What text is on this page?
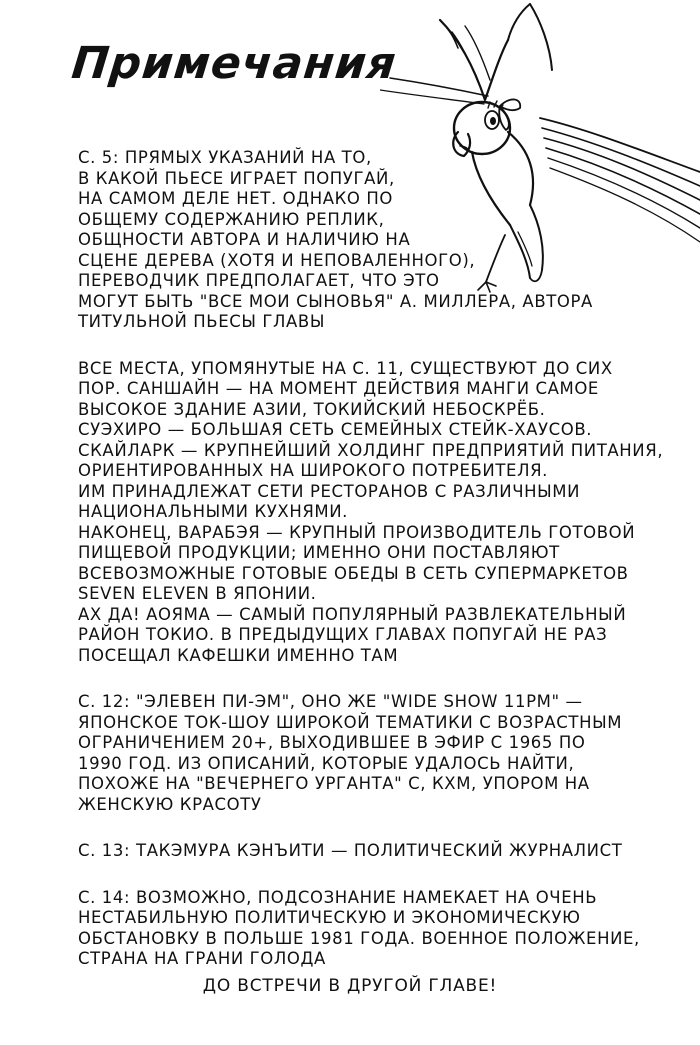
Примечания
С. 5: ПРЯМЫХ УКАЗАНИЙ НА ТО,
В КАКОЙ ПЬЕСЕ ИГРАЕТ ПОПУГАЙ,
НА САМОМ ДЕЛЕ НЕТ. ОДНАКО ПО
ОБЩЕМУ СОДЕРЖАНИЮ РЕПЛИК,
ОБЩНОСТИ АВТОРА И НАЛИЧИЮ НА
СЦЕНЕ ДЕРЕВА (ХОТЯ И НЕПОВАЛЕННОГО),
ПЕРЕВОДЧИК ПРЕДПОЛАГАЕТ, ЧТО ЭТО
МОГУТ БЫТЬ "ВСЕ МОИ СЫНОВЬЯ" А. МИЛЛЕРА, АВТОРА
ТИТУЛЬНОЙ ПЬЕСЫ ГЛАВЫ
ВСЕ МЕСТА, УПОМЯНУТЫЕ НА С. 11, СУЩЕСТВУЮТ ДО СИХ
ПОР. САНШАЙН — НА МОМЕНТ ДЕЙСТВИЯ МАНГИ САМОЕ
ВЫСОКОЕ ЗДАНИЕ АЗИИ, ТОКИЙСКИЙ НЕБОСКРЁБ.
СУЭХИРО — БОЛЬШАЯ СЕТЬ СЕМЕЙНЫХ СТЕЙК-ХАУСОВ.
СКАЙЛАРК — КРУПНЕЙШИЙ ХОЛДИНГ ПРЕДПРИЯТИЙ ПИТАНИЯ,
ОРИЕНТИРОВАННЫХ НА ШИРОКОГО ПОТРЕБИТЕЛЯ.
ИМ ПРИНАДЛЕЖАТ СЕТИ РЕСТОРАНОВ С РАЗЛИЧНЫМИ
НАЦИОНАЛЬНЫМИ КУХНЯМИ.
НАКОНЕЦ, ВАРАБЭЯ — КРУПНЫЙ ПРОИЗВОДИТЕЛЬ ГОТОВОЙ
ПИЩЕВОЙ ПРОДУКЦИИ; ИМЕННО ОНИ ПОСТАВЛЯЮТ
ВСЕВОЗМОЖНЫЕ ГОТОВЫЕ ОБЕДЫ В СЕТЬ СУПЕРМАРКЕТОВ
SEVEN ELEVEN В ЯПОНИИ.
АХ ДА! АОЯМА — САМЫЙ ПОПУЛЯРНЫЙ РАЗВЛЕКАТЕЛЬНЫЙ
РАЙОН ТОКИО. В ПРЕДЫДУЩИХ ГЛАВАХ ПОПУГАЙ НЕ РАЗ
ПОСЕЩАЛ КАФЕШКИ ИМЕННО ТАМ
С. 12: "ЭЛЕВЕН ПИ-ЭМ", ОНО ЖЕ "WIDE SHOW 11PM" —
ЯПОНСКОЕ ТОК-ШОУ ШИРОКОЙ ТЕМАТИКИ С ВОЗРАСТНЫМ
ОГРАНИЧЕНИЕМ 20+, ВЫХОДИВШЕЕ В ЭФИР С 1965 ПО
1990 ГОД. ИЗ ОПИСАНИЙ, КОТОРЫЕ УДАЛОСЬ НАЙТИ,
ПОХОЖЕ НА "ВЕЧЕРНЕГО УРГАНТА" С, КХМ, УПОРОМ НА
ЖЕНСКУЮ КРАСОТУ
С. 13: ТАКЭМУРА КЭНЪИТИ — ПОЛИТИЧЕСКИЙ ЖУРНАЛИСТ
С. 14: ВОЗМОЖНО, ПОДСОЗНАНИЕ НАМЕКАЕТ НА ОЧЕНЬ
НЕСТАБИЛЬНУЮ ПОЛИТИЧЕСКУЮ И ЭКОНОМИЧЕСКУЮ
ОБСТАНОВКУ В ПОЛЬШЕ 1981 ГОДА. ВОЕННОЕ ПОЛОЖЕНИЕ,
СТРАНА НА ГРАНИ ГОЛОДА
ДО ВСТРЕЧИ В ДРУГОЙ ГЛАВЕ!
